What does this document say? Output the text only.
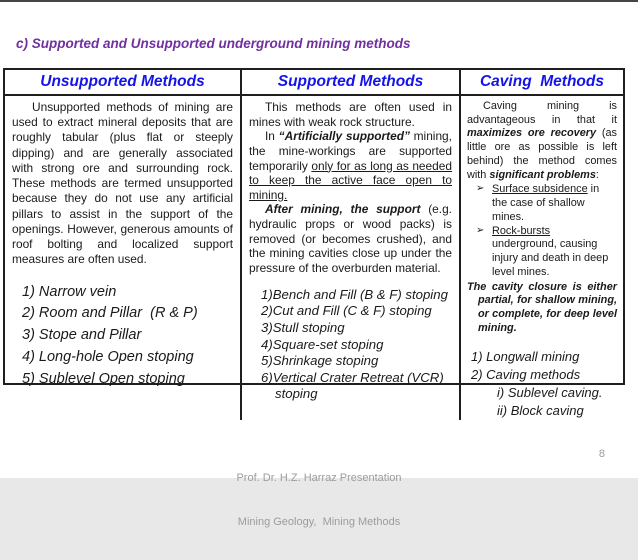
c) Supported and Unsupported underground mining methods
Unsupported Methods	Supported Methods	Caving  Methods

Unsupported methods of mining are used to extract mineral deposits that are roughly tabular (plus flat or steeply dipping) and are generally associated with strong ore and surrounding rock. These methods are termed unsupported because they do not use any artificial pillars to assist in the support of the openings. However, generous amounts of roof bolting and localized support measures are often used.

1) Narrow vein
2) Room and Pillar  (R & P)
3) Stope and Pillar
4) Long-hole Open stoping
5) Sublevel Open stoping

This methods are often used in mines with weak rock structure.

In “Artificially supported” mining, the mine-workings are supported temporarily only for as long as needed to keep the active face open to mining.

After mining, the support (e.g. hydraulic props or wood packs) is removed (or becomes crushed), and the mining cavities close up under the pressure of the overburden material.

1)Bench and Fill (B & F) stoping
2)Cut and Fill (C & F) stoping
3)Stull stoping
4)Square-set stoping
5)Shrinkage stoping
6)Vertical Crater Retreat (VCR) stoping

Caving mining is advantageous in that it maximizes ore recovery (as little ore as possible is left behind) the method comes with significant problems:

➢ Surface subsidence in the case of shallow mines.

➢ Rock-bursts underground, causing injury and death in deep level mines.

The cavity closure is either partial, for shallow mining, or complete, for deep level mining.

1) Longwall mining
2) Caving methods
i) Sublevel caving.
ii) Block caving

Prof. Dr. H.Z. Harraz Presentation

Mining Geology,  Mining Methods

8
